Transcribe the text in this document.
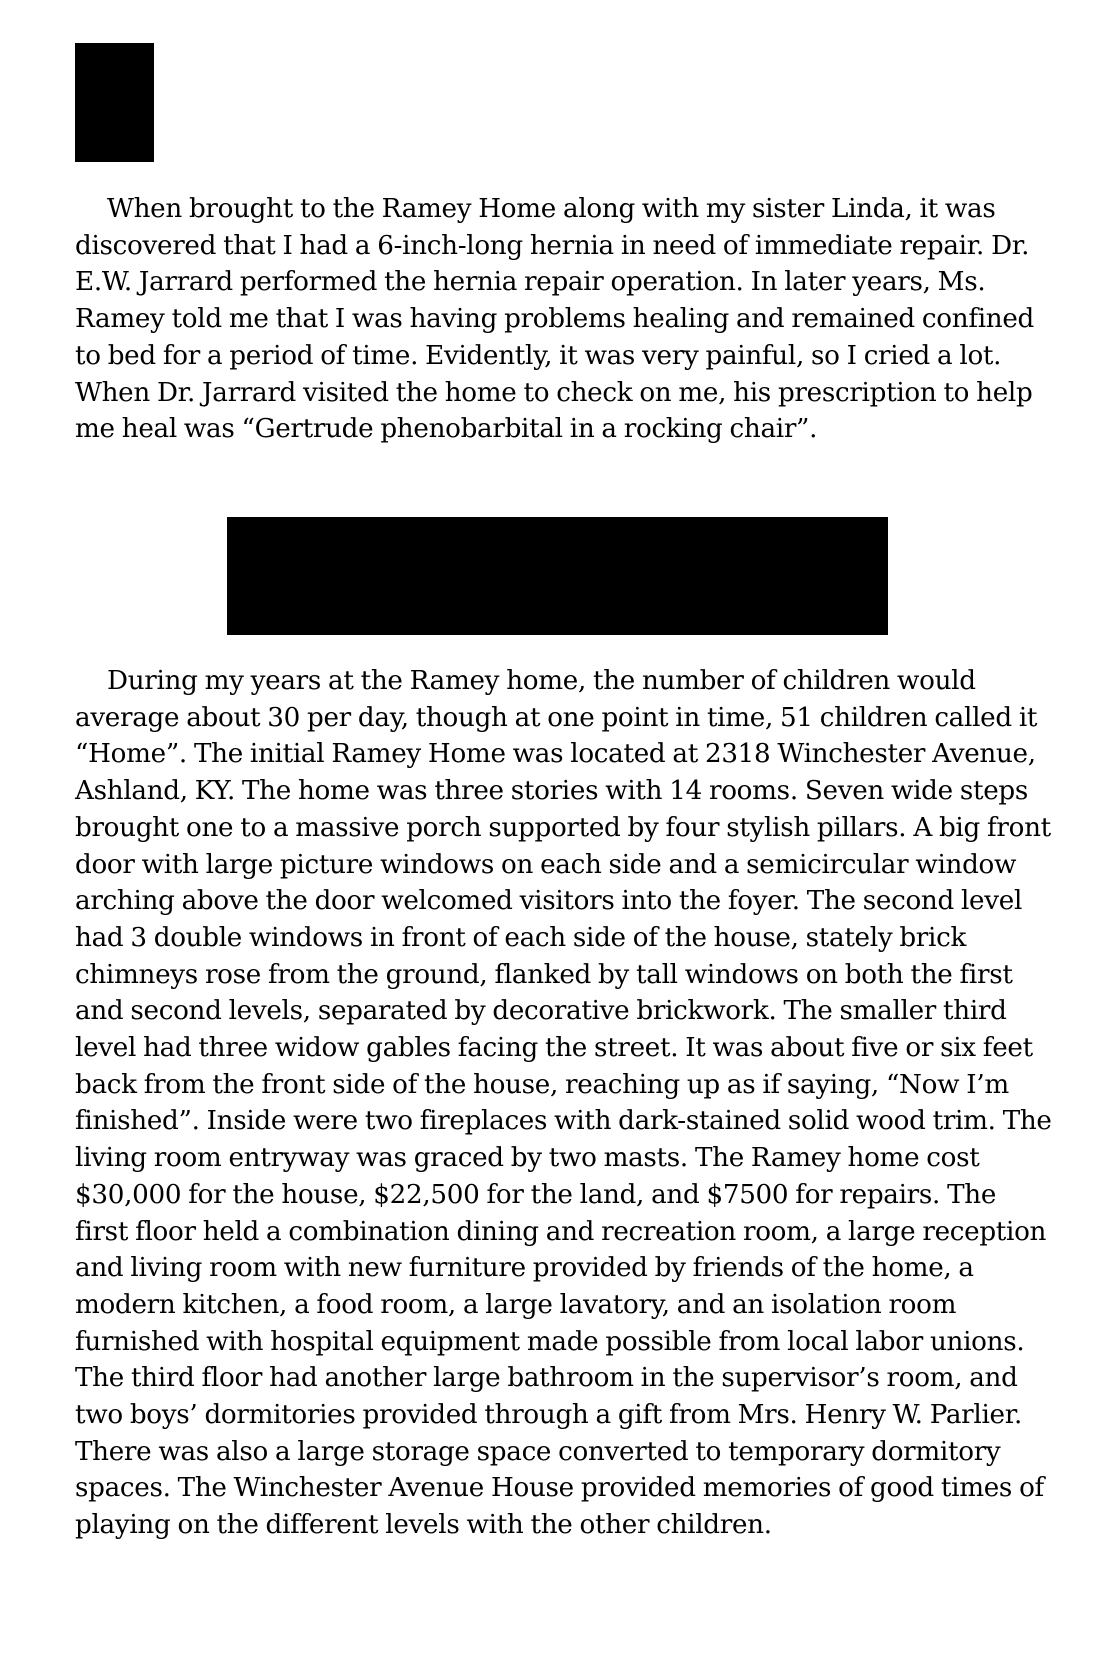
When brought to the Ramey Home along with my sister Linda, it was discovered that I had a 6-inch-long hernia in need of immediate repair. Dr. E.W. Jarrard performed the hernia repair operation. In later years, Ms. Ramey told me that I was having problems healing and remained confined to bed for a period of time. Evidently, it was very painful, so I cried a lot. When Dr. Jarrard visited the home to check on me, his prescription to help me heal was “Gertrude phenobarbital in a rocking chair”.

During my years at the Ramey home, the number of children would average about 30 per day, though at one point in time, 51 children called it “Home”. The initial Ramey Home was located at 2318 Winchester Avenue, Ashland, KY. The home was three stories with 14 rooms. Seven wide steps brought one to a massive porch supported by four stylish pillars. A big front door with large picture windows on each side and a semicircular window arching above the door welcomed visitors into the foyer. The second level had 3 double windows in front of each side of the house, stately brick chimneys rose from the ground, flanked by tall windows on both the first and second levels, separated by decorative brickwork. The smaller third level had three widow gables facing the street. It was about five or six feet back from the front side of the house, reaching up as if saying, “Now I’m finished”. Inside were two fireplaces with dark-stained solid wood trim. The living room entryway was graced by two masts. The Ramey home cost $30,000 for the house, $22,500 for the land, and $7500 for repairs. The first floor held a combination dining and recreation room, a large reception and living room with new furniture provided by friends of the home, a modern kitchen, a food room, a large lavatory, and an isolation room furnished with hospital equipment made possible from local labor unions. The third floor had another large bathroom in the supervisor’s room, and two boys’ dormitories provided through a gift from Mrs. Henry W. Parlier. There was also a large storage space converted to temporary dormitory spaces. The Winchester Avenue House provided memories of good times of playing on the different levels with the other children.
